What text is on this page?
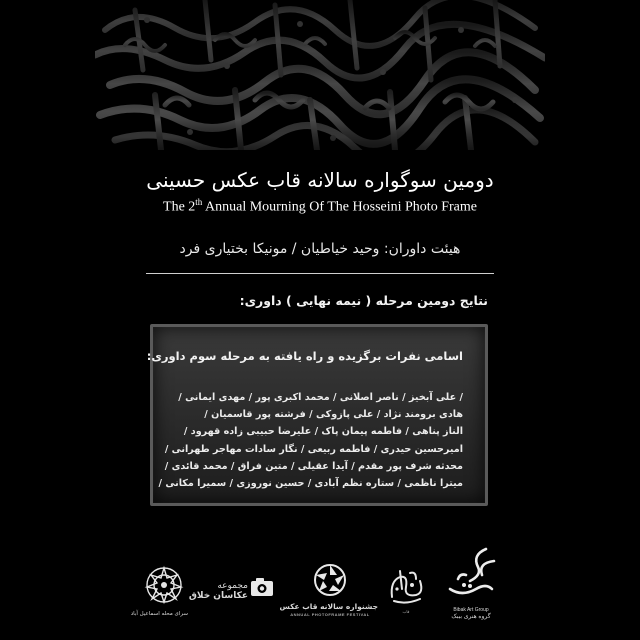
دومین سوگواره سالانه قاب عکس حسینی
The 2th Annual Mourning Of The Hosseini Photo Frame
هیئت داوران: وحید خیاطیان / مونیکا بختیاری فرد
نتایج دومین مرحله ( نیمه نهایی ) داوری:
اسامی نفرات برگزیده و راه یافته به مرحله سوم داوری:
/ علی آبخیز / ناصر اصلانی / محمد اکبری پور / مهدی ایمانی /
هادی برومند نژاد / علی پازوکی / فرشته پور قاسمیان /
الناز پناهی / فاطمه پیمان پاک / علیرضا حبیبی زاده قهرود /
امیرحسین حیدری / فاطمه ربیعی / نگار سادات مهاجر طهرانی /
محدثه شرف پور مقدم / آیدا عقیلی / متین فراق / محمد قائدی /
میترا ناظمی / ستاره نظم آبادی / حسین نوروزی / سمیرا مکانی /
سرای محله اسماعیل آباد
مجموعه
عکاسان خلاق
جشنواره سالانه قاب عکس
ANNUAL PHOTOFRAME FESTIVAL
قاب	Bibak Art Group
گروه هنری بیبک
